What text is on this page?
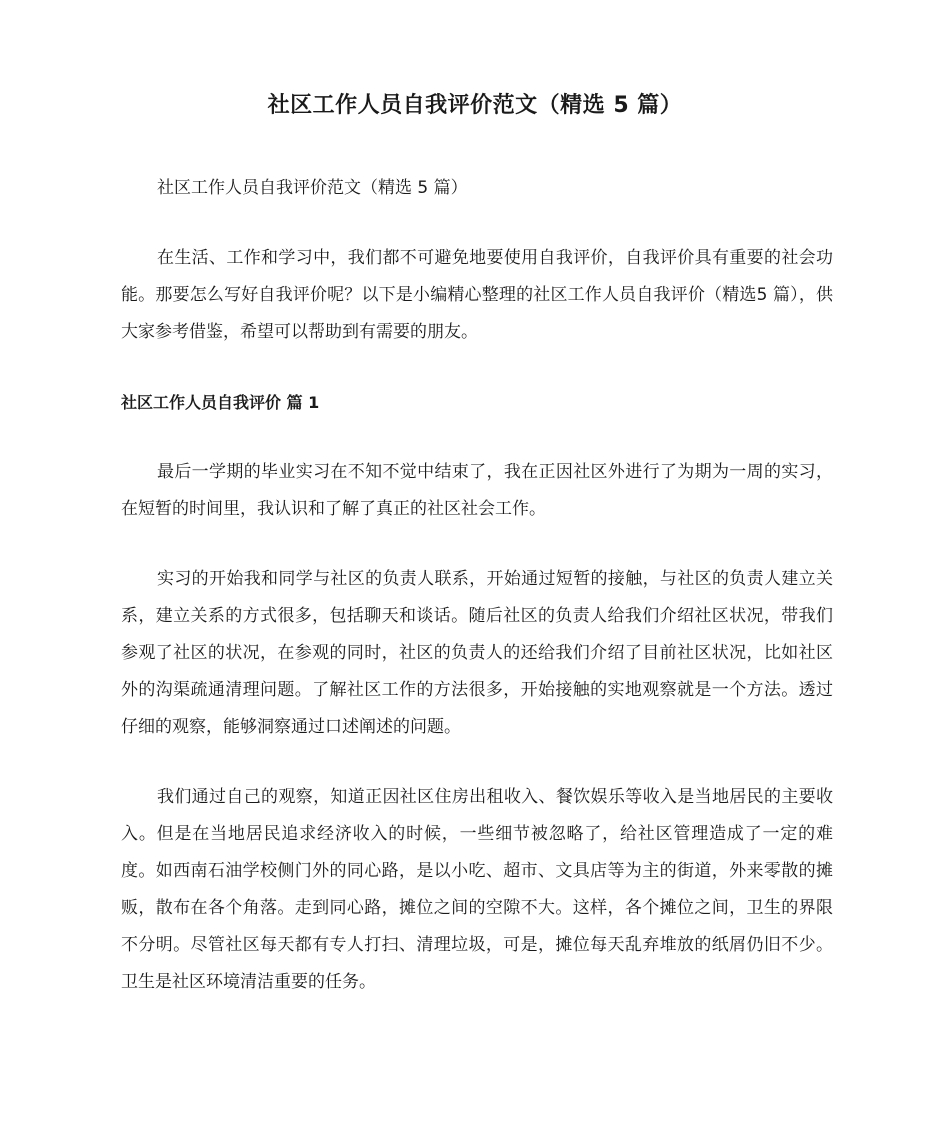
社区工作人员自我评价范文（精选 5 篇）

社区工作人员自我评价范文（精选 5 篇）

在生活、工作和学习中，我们都不可避免地要使用自我评价，自我评价具有重要的社会功能。那要怎么写好自我评价呢？以下是小编精心整理的社区工作人员自我评价（精选5 篇），供大家参考借鉴，希望可以帮助到有需要的朋友。

社区工作人员自我评价 篇 1

最后一学期的毕业实习在不知不觉中结束了，我在正因社区外进行了为期为一周的实习，在短暂的时间里，我认识和了解了真正的社区社会工作。

实习的开始我和同学与社区的负责人联系，开始通过短暂的接触，与社区的负责人建立关系，建立关系的方式很多，包括聊天和谈话。随后社区的负责人给我们介绍社区状况，带我们参观了社区的状况，在参观的同时，社区的负责人的还给我们介绍了目前社区状况，比如社区外的沟渠疏通清理问题。了解社区工作的方法很多，开始接触的实地观察就是一个方法。透过仔细的观察，能够洞察通过口述阐述的问题。

我们通过自己的观察，知道正因社区住房出租收入、餐饮娱乐等收入是当地居民的主要收入。但是在当地居民追求经济收入的时候，一些细节被忽略了，给社区管理造成了一定的难度。如西南石油学校侧门外的同心路，是以小吃、超市、文具店等为主的街道，外来零散的摊贩，散布在各个角落。走到同心路，摊位之间的空隙不大。这样，各个摊位之间，卫生的界限不分明。尽管社区每天都有专人打扫、清理垃圾，可是，摊位每天乱弃堆放的纸屑仍旧不少。卫生是社区环境清洁重要的任务。
